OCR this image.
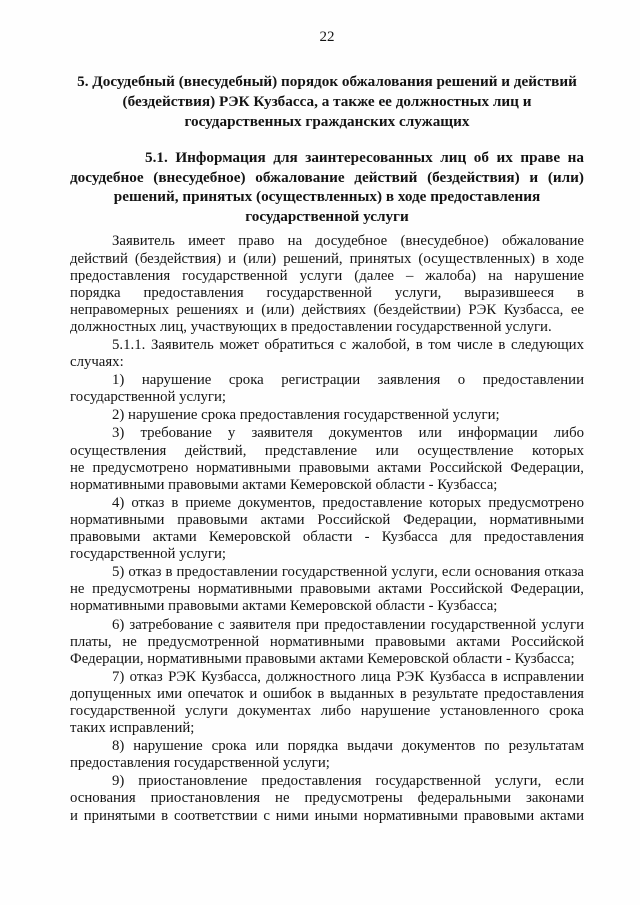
22
5. Досудебный (внесудебный) порядок обжалования решений и действий
(бездействия) РЭК Кузбасса, а также ее должностных лиц и
государственных гражданских служащих
5.1. Информация для заинтересованных лиц об их праве на
досудебное (внесудебное) обжалование действий (бездействия) и (или)
решений, принятых (осуществленных) в ходе предоставления
государственной услуги
Заявитель имеет право на досудебное (внесудебное) обжалование
действий (бездействия) и (или) решений, принятых (осуществленных) в ходе
предоставления государственной услуги (далее – жалоба) на нарушение
порядка предоставления государственной услуги, выразившееся в
неправомерных решениях и (или) действиях (бездействии) РЭК Кузбасса, ее
должностных лиц, участвующих в предоставлении государственной услуги.
5.1.1. Заявитель может обратиться с жалобой, в том числе в следующих
случаях:
1) нарушение срока регистрации заявления о предоставлении
государственной услуги;
2) нарушение срока предоставления государственной услуги;
3) требование у заявителя документов или информации либо
осуществления действий, представление или осуществление которых
не предусмотрено нормативными правовыми актами Российской Федерации,
нормативными правовыми актами Кемеровской области - Кузбасса;
4) отказ в приеме документов, предоставление которых предусмотрено
нормативными правовыми актами Российской Федерации, нормативными
правовыми актами Кемеровской области - Кузбасса для предоставления
государственной услуги;
5) отказ в предоставлении государственной услуги, если основания отказа
не предусмотрены нормативными правовыми актами Российской Федерации,
нормативными правовыми актами Кемеровской области - Кузбасса;
6) затребование с заявителя при предоставлении государственной услуги
платы, не предусмотренной нормативными правовыми актами Российской
Федерации, нормативными правовыми актами Кемеровской области - Кузбасса;
7) отказ РЭК Кузбасса, должностного лица РЭК Кузбасса в исправлении
допущенных ими опечаток и ошибок в выданных в результате предоставления
государственной услуги документах либо нарушение установленного срока
таких исправлений;
8) нарушение срока или порядка выдачи документов по результатам
предоставления государственной услуги;
9) приостановление предоставления государственной услуги, если
основания приостановления не предусмотрены федеральными законами
и принятыми в соответствии с ними иными нормативными правовыми актами
